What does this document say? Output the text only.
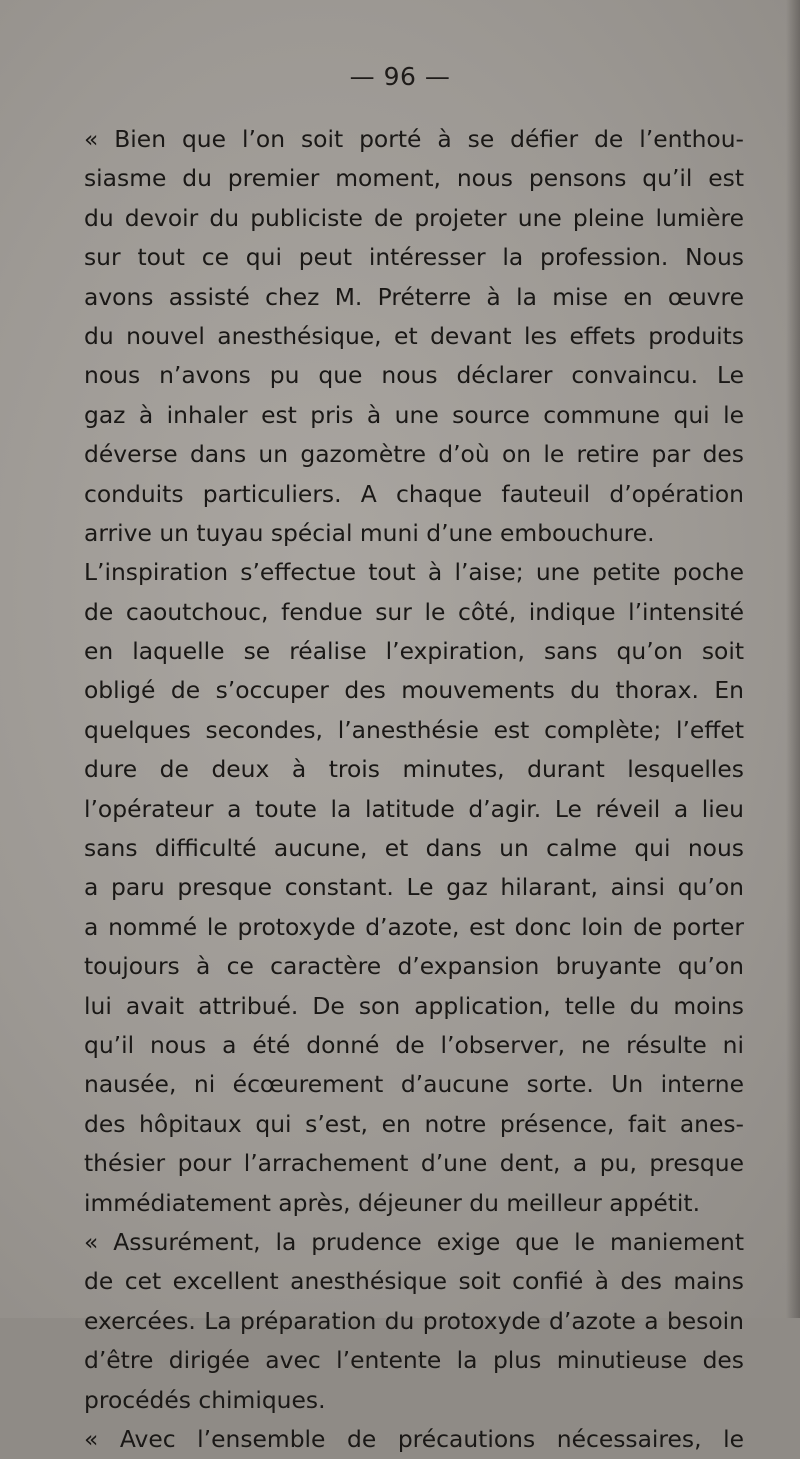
— 96 —
« Bien que l’on soit porté à se défier de l’enthou-
siasme du premier moment, nous pensons qu’il est
du devoir du publiciste de projeter une pleine lumière
sur tout ce qui peut intéresser la profession. Nous
avons assisté chez M. Préterre à la mise en œuvre
du nouvel anesthésique, et devant les effets produits
nous n’avons pu que nous déclarer convaincu. Le
gaz à inhaler est pris à une source commune qui le
déverse dans un gazomètre d’où on le retire par des
conduits particuliers. A chaque fauteuil d’opération
arrive un tuyau spécial muni d’une embouchure.
L’inspiration s’effectue tout à l’aise; une petite poche
de caoutchouc, fendue sur le côté, indique l’intensité
en laquelle se réalise l’expiration, sans qu’on soit
obligé de s’occuper des mouvements du thorax. En
quelques secondes, l’anesthésie est complète; l’effet
dure de deux à trois minutes, durant lesquelles
l’opérateur a toute la latitude d’agir. Le réveil a lieu
sans difficulté aucune, et dans un calme qui nous
a paru presque constant. Le gaz hilarant, ainsi qu’on
a nommé le protoxyde d’azote, est donc loin de porter
toujours à ce caractère d’expansion bruyante qu’on
lui avait attribué. De son application, telle du moins
qu’il nous a été donné de l’observer, ne résulte ni
nausée, ni écœurement d’aucune sorte. Un interne
des hôpitaux qui s’est, en notre présence, fait anes-
thésier pour l’arrachement d’une dent, a pu, presque
immédiatement après, déjeuner du meilleur appétit.
« Assurément, la prudence exige que le maniement
de cet excellent anesthésique soit confié à des mains
exercées. La préparation du protoxyde d’azote a besoin
d’être dirigée avec l’entente la plus minutieuse des
procédés chimiques.
« Avec l’ensemble de précautions nécessaires, le
